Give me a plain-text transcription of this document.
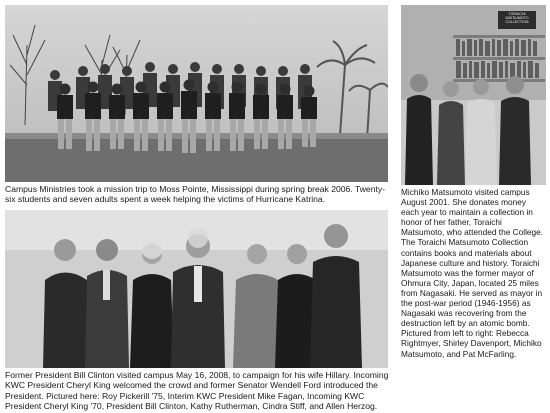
Campus Ministries took a mission trip to Moss Pointe, Mississippi during spring break 2006. Twenty-six students and seven adults spent a week helping the victims of Hurricane Katrina.

Former President Bill Clinton visited campus May 16, 2008, to campaign for his wife Hillary. Incoming KWC President Cheryl King welcomed the crowd and former Senator Wendell Ford introduced the President. Pictured here: Roy Pickerill '75, Interim KWC President Mike Fagan, Incoming KWC President Cheryl King '70, President Bill Clinton, Kathy Rutherman, Cindra Stiff, and Allen Herzog.

TORAICHI MATSUMOTO COLLECTION

Michiko Matsumoto visited campus August 2001. She donates money each year to maintain a collection in honor of her father, Toraichi Matsumoto, who attended the College. The Toraichi Matsumoto Collection contains books and materials about Japanese culture and history. Toraichi Matsumoto was the former mayor of Ohmura City, Japan, located 25 miles from Nagasaki. He served as mayor in the post-war period (1946-1956) as Nagasaki was recovering from the destruction left by an atomic bomb. Pictured from left to right: Rebecca Rightmyer, Shirley Davenport, Michiko Matsumoto, and Pat McFarling.
